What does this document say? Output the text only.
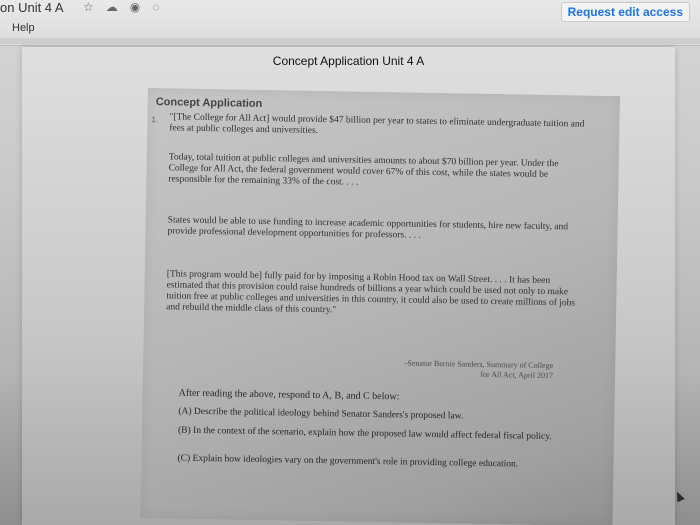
on Unit 4 A ☆ ☁ ◉ ◌
Help
Request edit access
Concept Application Unit 4 A
Concept Application
1. "[The College for All Act] would provide $47 billion per year to states to eliminate undergraduate tuition and fees at public colleges and universities.
Today, total tuition at public colleges and universities amounts to about $70 billion per year. Under the College for All Act, the federal government would cover 67% of this cost, while the states would be responsible for the remaining 33% of the cost. . . .
States would be able to use funding to increase academic opportunities for students, hire new faculty, and provide professional development opportunities for professors. . . .
[This program would be] fully paid for by imposing a Robin Hood tax on Wall Street. . . . It has been estimated that this provision could raise hundreds of billions a year which could be used not only to make tuition free at public colleges and universities in this country, it could also be used to create millions of jobs and rebuild the middle class of this country."
-Senator Bernie Sanders, Summary of College
for All Act, April 2017
After reading the above, respond to A, B, and C below:
(A) Describe the political ideology behind Senator Sanders's proposed law.
(B) In the context of the scenario, explain how the proposed law would affect federal fiscal policy.
(C) Explain how ideologies vary on the government's role in providing college education.
